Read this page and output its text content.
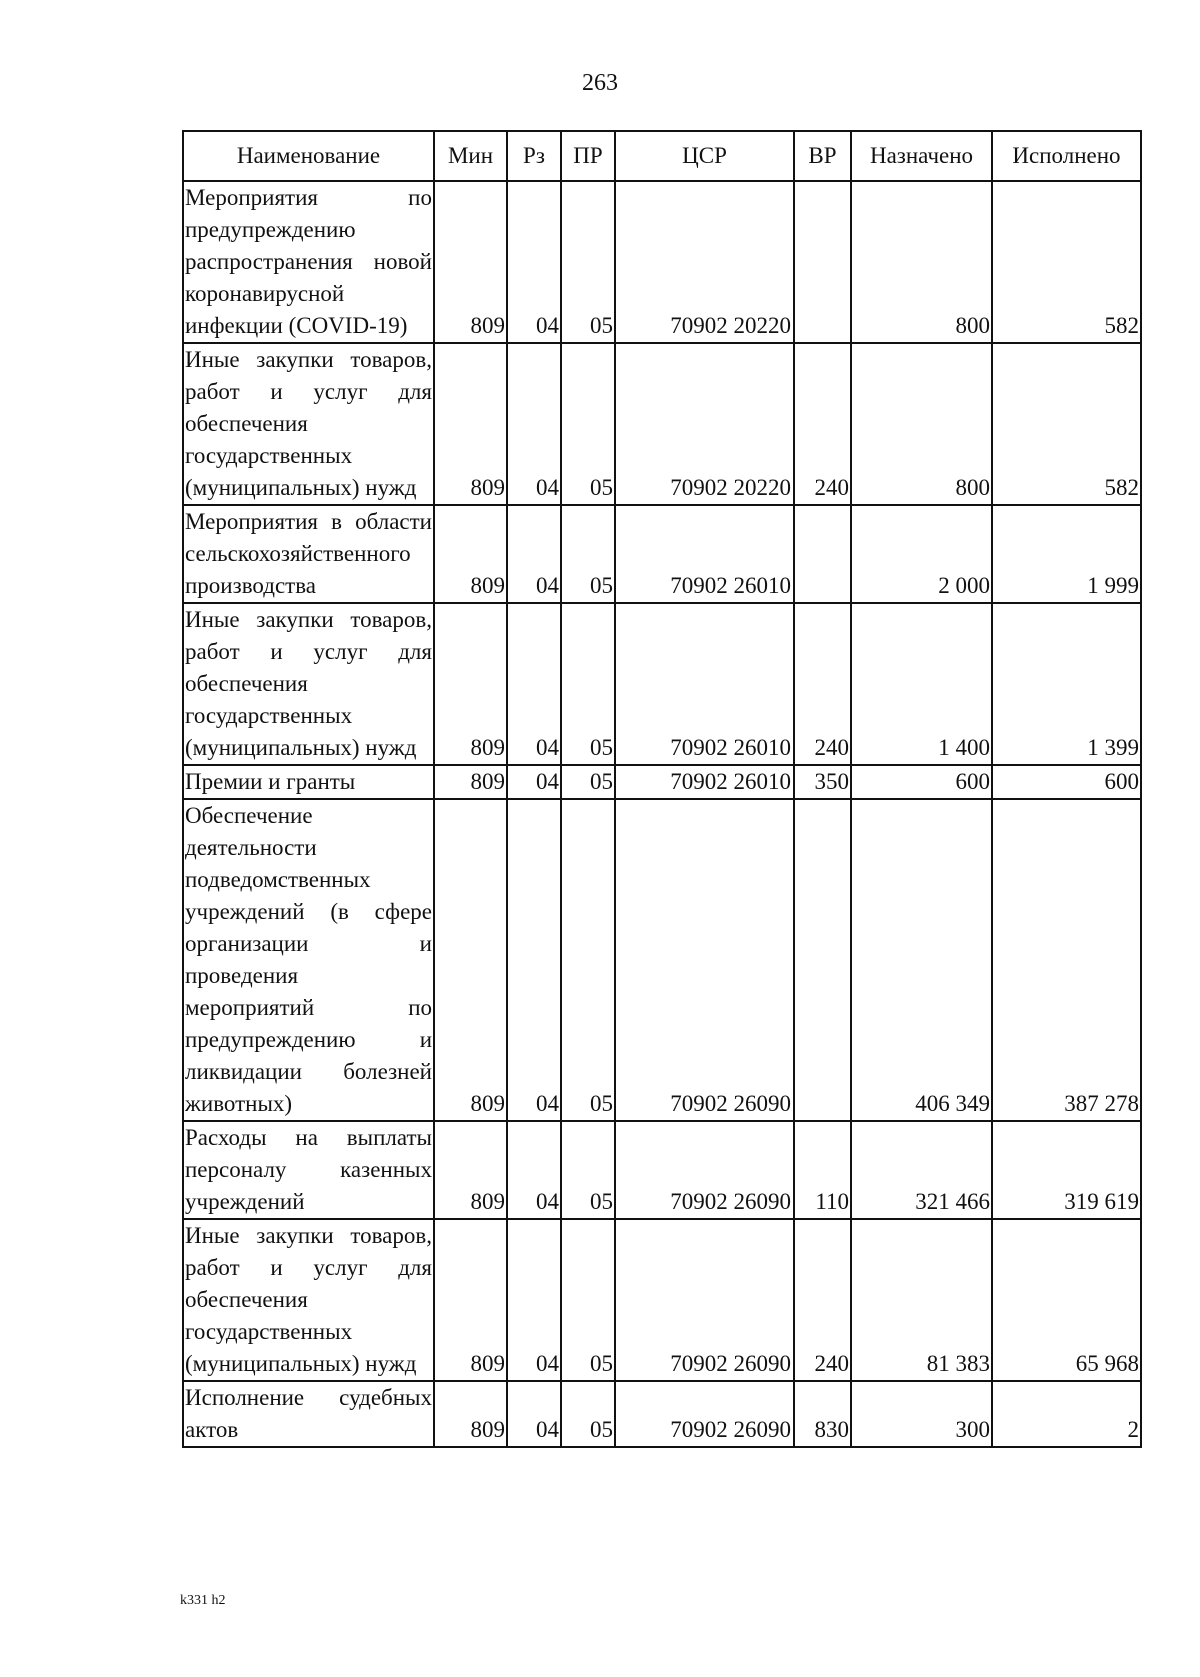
263
Наименование	Мин	Рз	ПР	ЦСР	ВР	Назначено	Исполнено
Мероприятия по предупреждению распространения новой коронавирусной инфекции (COVID-19)	809	04	05	70902 20220		800	582
Иные закупки товаров, работ и услуг для обеспечения государственных (муниципальных) нужд	809	04	05	70902 20220	240	800	582
Мероприятия в области сельскохозяйственного производства	809	04	05	70902 26010		2 000	1 999
Иные закупки товаров, работ и услуг для обеспечения государственных (муниципальных) нужд	809	04	05	70902 26010	240	1 400	1 399
Премии и гранты	809	04	05	70902 26010	350	600	600
Обеспечение деятельности подведомственных учреждений (в сфере организации и проведения мероприятий по предупреждению и ликвидации болезней животных)	809	04	05	70902 26090		406 349	387 278
Расходы на выплаты персоналу казенных учреждений	809	04	05	70902 26090	110	321 466	319 619
Иные закупки товаров, работ и услуг для обеспечения государственных (муниципальных) нужд	809	04	05	70902 26090	240	81 383	65 968
Исполнение судебных актов	809	04	05	70902 26090	830	300	2
k331 h2
